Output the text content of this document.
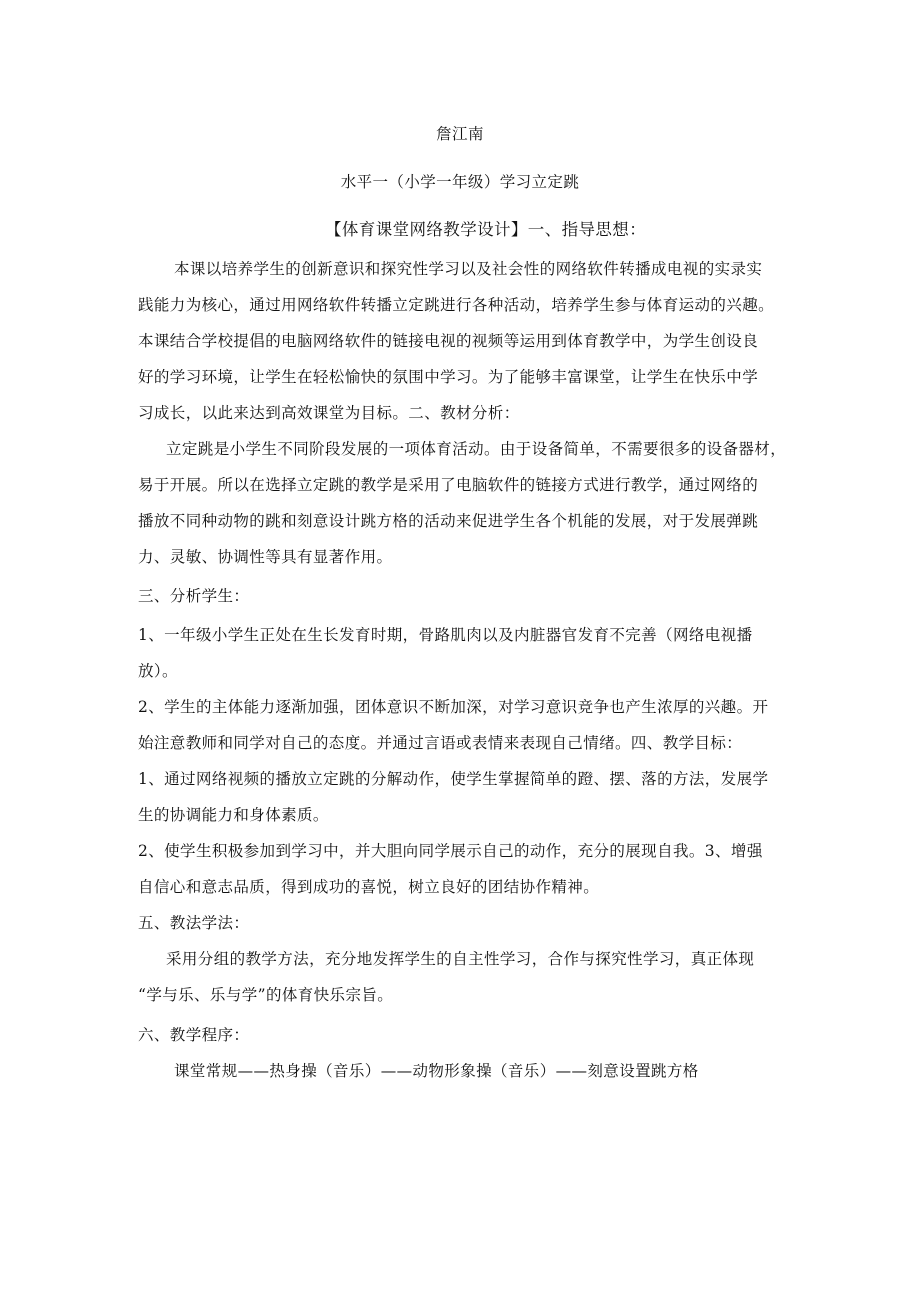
詹江南
水平一（小学一年级）学习立定跳
【体育课堂网络教学设计】一、指导思想：
本课以培养学生的创新意识和探究性学习以及社会性的网络软件转播成电视的实录实
践能力为核心，通过用网络软件转播立定跳进行各种活动，培养学生参与体育运动的兴趣。
本课结合学校提倡的电脑网络软件的链接电视的视频等运用到体育教学中，为学生创设良
好的学习环境，让学生在轻松愉快的氛围中学习。为了能够丰富课堂，让学生在快乐中学
习成长，以此来达到高效课堂为目标。二、教材分析：
立定跳是小学生不同阶段发展的一项体育活动。由于设备简单，不需要很多的设备器材，
易于开展。所以在选择立定跳的教学是采用了电脑软件的链接方式进行教学，通过网络的
播放不同种动物的跳和刻意设计跳方格的活动来促进学生各个机能的发展，对于发展弹跳
力、灵敏、协调性等具有显著作用。
三、分析学生：
1、一年级小学生正处在生长发育时期，骨路肌肉以及内脏器官发育不完善（网络电视播
放）。
2、学生的主体能力逐渐加强，团体意识不断加深，对学习意识竞争也产生浓厚的兴趣。开
始注意教师和同学对自己的态度。并通过言语或表情来表现自己情绪。四、教学目标：
1、通过网络视频的播放立定跳的分解动作，使学生掌握简单的蹬、摆、落的方法，发展学
生的协调能力和身体素质。
2、使学生积极参加到学习中，并大胆向同学展示自己的动作，充分的展现自我。3、增强
自信心和意志品质，得到成功的喜悦，树立良好的团结协作精神。
五、教法学法：
采用分组的教学方法，充分地发挥学生的自主性学习，合作与探究性学习，真正体现
“学与乐、乐与学”的体育快乐宗旨。
六、教学程序：
课堂常规——热身操（音乐）——动物形象操（音乐）——刻意设置跳方格
